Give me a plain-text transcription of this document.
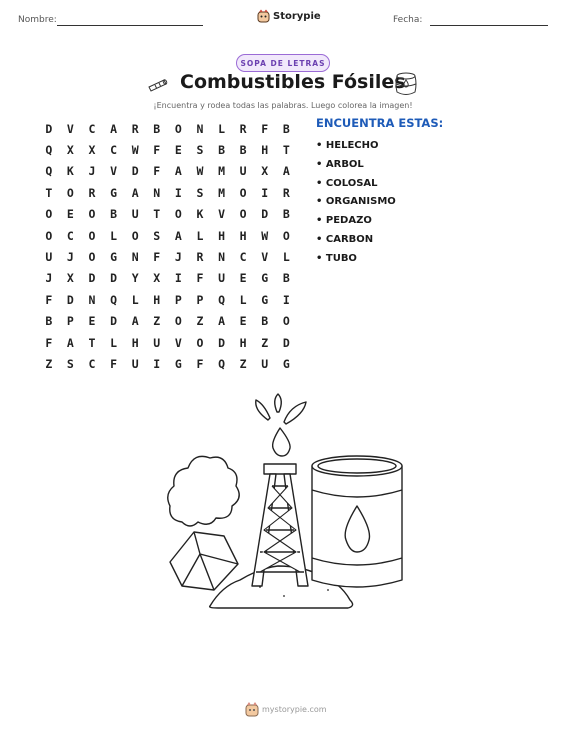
Nombre:	Storypie	Fecha:
SOPA DE LETRAS
Combustibles Fósiles
¡Encuentra y rodea todas las palabras. Luego colorea la imagen!
D	V	C	A	R	B	O	N	L	R	F	B
Q	X	X	C	W	F	E	S	B	B	H	T
Q	K	J	V	D	F	A	W	M	U	X	A
T	O	R	G	A	N	I	S	M	O	I	R
O	E	O	B	U	T	O	K	V	O	D	B
O	C	O	L	O	S	A	L	H	H	W	O
U	J	O	G	N	F	J	R	N	C	V	L
J	X	D	D	Y	X	I	F	U	E	G	B
F	D	N	Q	L	H	P	P	Q	L	G	I
B	P	E	D	A	Z	O	Z	A	E	B	O
F	A	T	L	H	U	V	O	D	H	Z	D
Z	S	C	F	U	I	G	F	Q	Z	U	G
ENCUENTRA ESTAS:
• HELECHO
• ARBOL
• COLOSAL
• ORGANISMO
• PEDAZO
• CARBON
• TUBO
mystorypie.com
